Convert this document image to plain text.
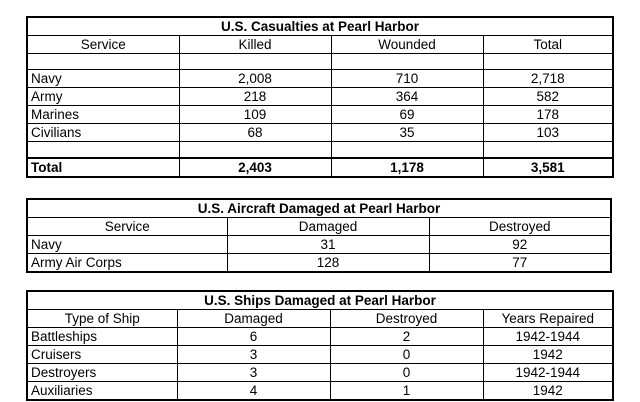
U.S. Casualties at Pearl Harbor			
Service	Killed	Wounded	Total

Navy	2,008	710	2,718
Army	218	364	582
Marines	109	69	178
Civilians	68	35	103

Total	2,403	1,178	3,581
U.S. Aircraft Damaged at Pearl Harbor		
Service	Damaged	Destroyed
Navy	31	92
Army Air Corps	128	77
U.S. Ships Damaged at Pearl Harbor			
Type of Ship	Damaged	Destroyed	Years Repaired
Battleships	6	2	1942-1944
Cruisers	3	0	1942
Destroyers	3	0	1942-1944
Auxiliaries	4	1	1942
